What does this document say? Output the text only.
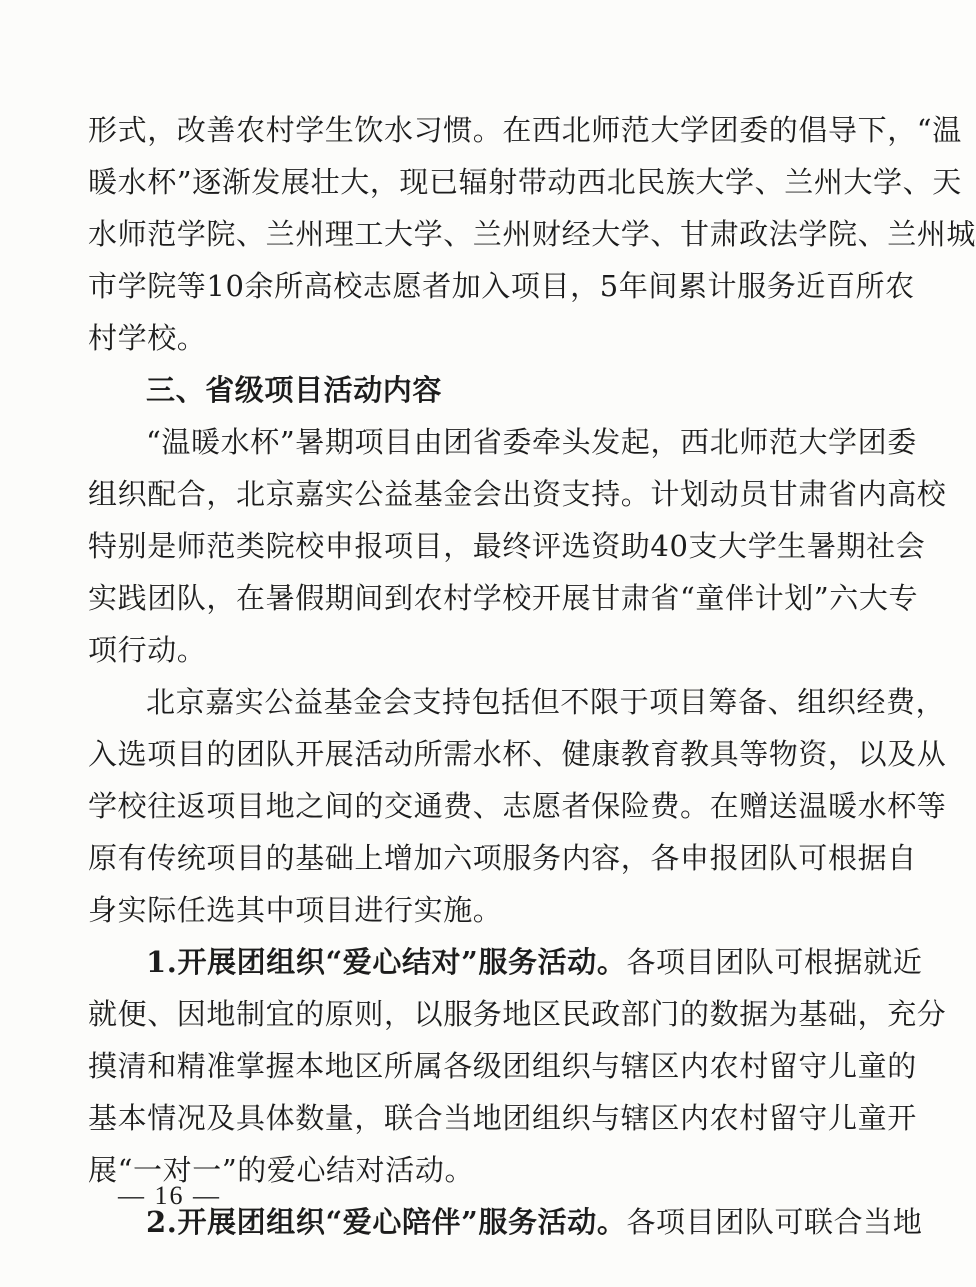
形式，改善农村学生饮水习惯。在西北师范大学团委的倡导下，“温
暖水杯”逐渐发展壮大，现已辐射带动西北民族大学、兰州大学、天
水师范学院、兰州理工大学、兰州财经大学、甘肃政法学院、兰州城
市学院等10余所高校志愿者加入项目，5年间累计服务近百所农
村学校。
三、省级项目活动内容
“温暖水杯”暑期项目由团省委牵头发起，西北师范大学团委
组织配合，北京嘉实公益基金会出资支持。计划动员甘肃省内高校
特别是师范类院校申报项目，最终评选资助40支大学生暑期社会
实践团队，在暑假期间到农村学校开展甘肃省“童伴计划”六大专
项行动。
北京嘉实公益基金会支持包括但不限于项目筹备、组织经费，
入选项目的团队开展活动所需水杯、健康教育教具等物资，以及从
学校往返项目地之间的交通费、志愿者保险费。在赠送温暖水杯等
原有传统项目的基础上增加六项服务内容，各申报团队可根据自
身实际任选其中项目进行实施。
1.开展团组织“爱心结对”服务活动。各项目团队可根据就近
就便、因地制宜的原则，以服务地区民政部门的数据为基础，充分
摸清和精准掌握本地区所属各级团组织与辖区内农村留守儿童的
基本情况及具体数量，联合当地团组织与辖区内农村留守儿童开
展“一对一”的爱心结对活动。
2.开展团组织“爱心陪伴”服务活动。各项目团队可联合当地
— 16 —
